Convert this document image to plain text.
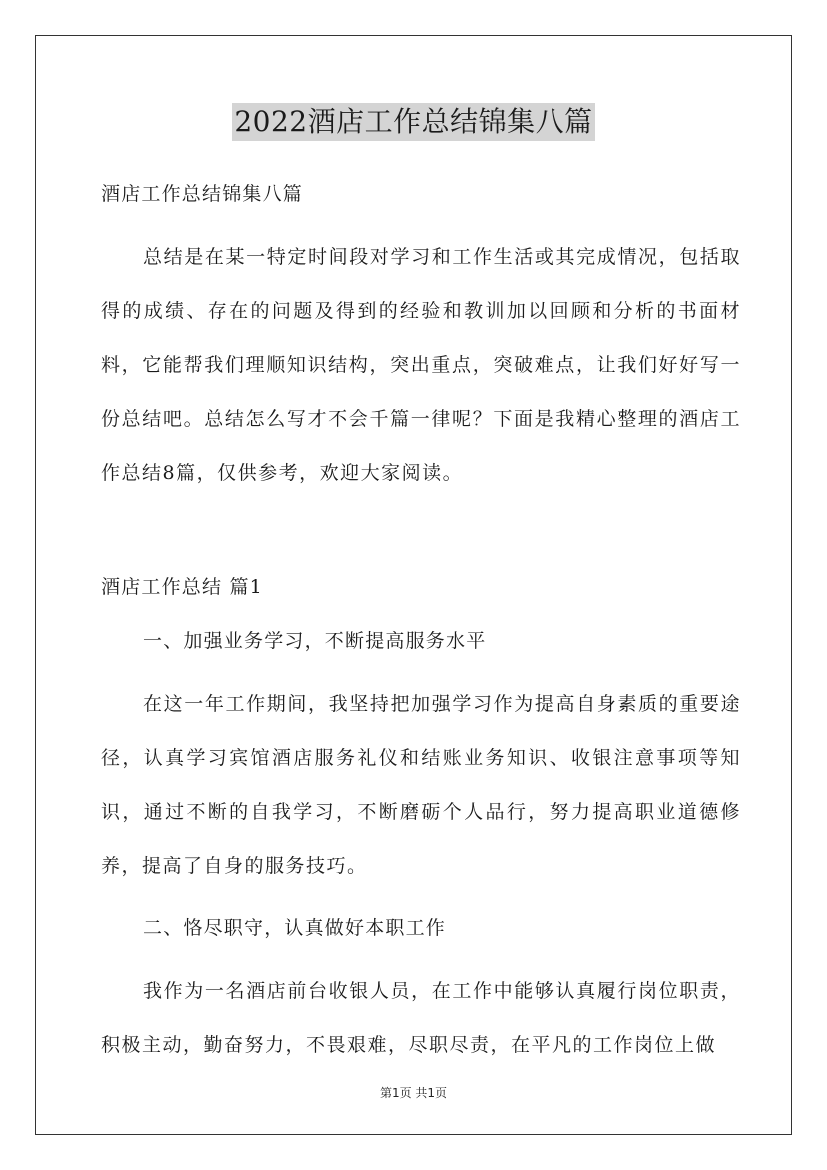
2022酒店工作总结锦集八篇
酒店工作总结锦集八篇

总结是在某一特定时间段对学习和工作生活或其完成情况，包括取得的成绩、存在的问题及得到的经验和教训加以回顾和分析的书面材料，它能帮我们理顺知识结构，突出重点，突破难点，让我们好好写一份总结吧。总结怎么写才不会千篇一律呢？下面是我精心整理的酒店工作总结8篇，仅供参考，欢迎大家阅读。

酒店工作总结 篇1
一、加强业务学习，不断提高服务水平

在这一年工作期间，我坚持把加强学习作为提高自身素质的重要途径，认真学习宾馆酒店服务礼仪和结账业务知识、收银注意事项等知识，通过不断的自我学习，不断磨砺个人品行，努力提高职业道德修养，提高了自身的服务技巧。

二、恪尽职守，认真做好本职工作

我作为一名酒店前台收银人员，在工作中能够认真履行岗位职责，积极主动，勤奋努力，不畏艰难，尽职尽责，在平凡的工作岗位上做

第1页 共1页
